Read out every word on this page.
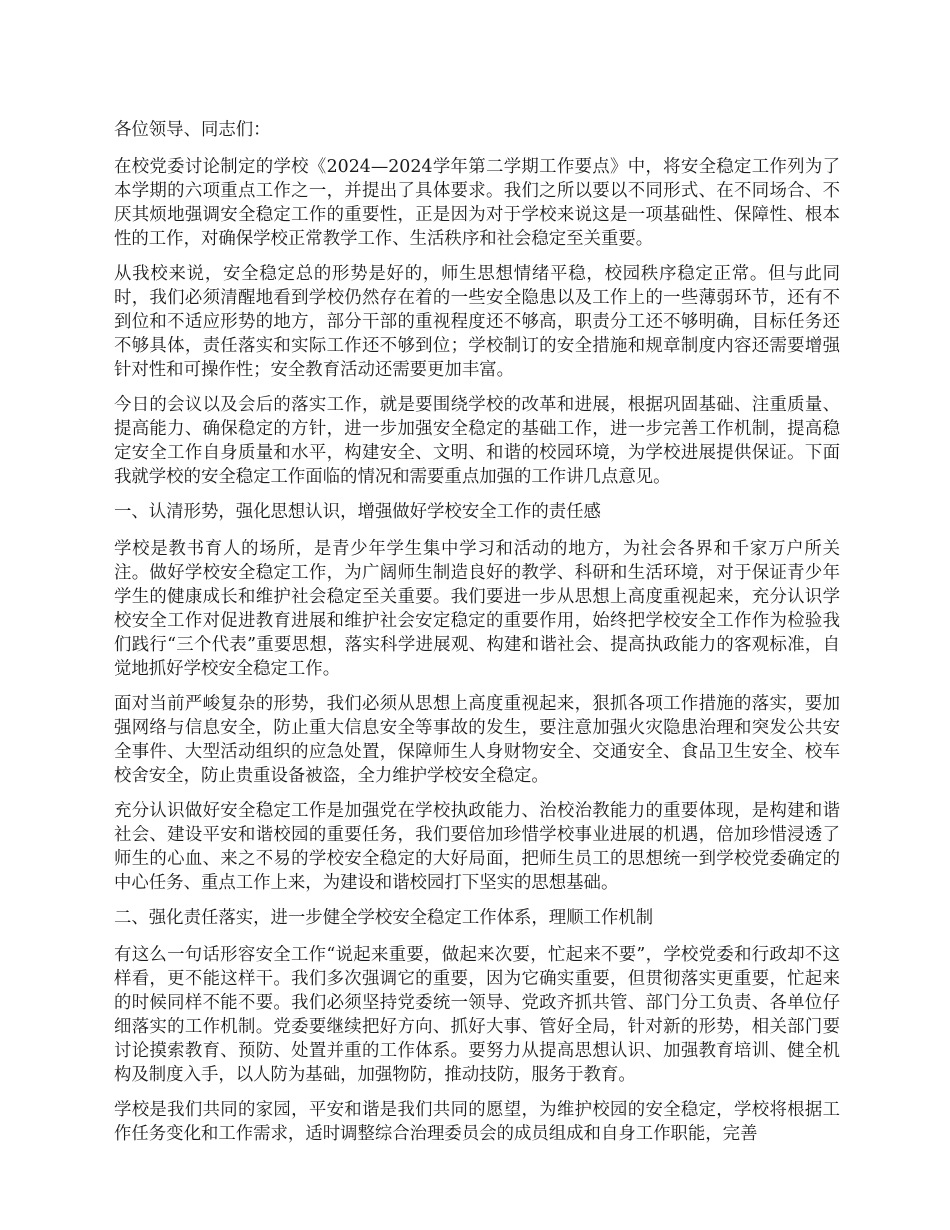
各位领导、同志们：

在校党委讨论制定的学校《2024—2024学年第二学期工作要点》中，将安全稳定工作列为了本学期的六项重点工作之一，并提出了具体要求。我们之所以要以不同形式、在不同场合、不厌其烦地强调安全稳定工作的重要性，正是因为对于学校来说这是一项基础性、保障性、根本性的工作，对确保学校正常教学工作、生活秩序和社会稳定至关重要。

从我校来说，安全稳定总的形势是好的，师生思想情绪平稳，校园秩序稳定正常。但与此同时，我们必须清醒地看到学校仍然存在着的一些安全隐患以及工作上的一些薄弱环节，还有不到位和不适应形势的地方，部分干部的重视程度还不够高，职责分工还不够明确，目标任务还不够具体，责任落实和实际工作还不够到位；学校制订的安全措施和规章制度内容还需要增强针对性和可操作性；安全教育活动还需要更加丰富。

今日的会议以及会后的落实工作，就是要围绕学校的改革和进展，根据巩固基础、注重质量、提高能力、确保稳定的方针，进一步加强安全稳定的基础工作，进一步完善工作机制，提高稳定安全工作自身质量和水平，构建安全、文明、和谐的校园环境，为学校进展提供保证。下面我就学校的安全稳定工作面临的情况和需要重点加强的工作讲几点意见。

一、认清形势，强化思想认识，增强做好学校安全工作的责任感

学校是教书育人的场所，是青少年学生集中学习和活动的地方，为社会各界和千家万户所关注。做好学校安全稳定工作，为广阔师生制造良好的教学、科研和生活环境，对于保证青少年学生的健康成长和维护社会稳定至关重要。我们要进一步从思想上高度重视起来，充分认识学校安全工作对促进教育进展和维护社会安定稳定的重要作用，始终把学校安全工作作为检验我们践行“三个代表”重要思想，落实科学进展观、构建和谐社会、提高执政能力的客观标准，自觉地抓好学校安全稳定工作。

面对当前严峻复杂的形势，我们必须从思想上高度重视起来，狠抓各项工作措施的落实，要加强网络与信息安全，防止重大信息安全等事故的发生，要注意加强火灾隐患治理和突发公共安全事件、大型活动组织的应急处置，保障师生人身财物安全、交通安全、食品卫生安全、校车校舍安全，防止贵重设备被盗，全力维护学校安全稳定。

充分认识做好安全稳定工作是加强党在学校执政能力、治校治教能力的重要体现，是构建和谐社会、建设平安和谐校园的重要任务，我们要倍加珍惜学校事业进展的机遇，倍加珍惜浸透了师生的心血、来之不易的学校安全稳定的大好局面，把师生员工的思想统一到学校党委确定的中心任务、重点工作上来，为建设和谐校园打下坚实的思想基础。

二、强化责任落实，进一步健全学校安全稳定工作体系，理顺工作机制

有这么一句话形容安全工作“说起来重要，做起来次要，忙起来不要”，学校党委和行政却不这样看，更不能这样干。我们多次强调它的重要，因为它确实重要，但贯彻落实更重要，忙起来的时候同样不能不要。我们必须坚持党委统一领导、党政齐抓共管、部门分工负责、各单位仔细落实的工作机制。党委要继续把好方向、抓好大事、管好全局，针对新的形势，相关部门要讨论摸索教育、预防、处置并重的工作体系。要努力从提高思想认识、加强教育培训、健全机构及制度入手，以人防为基础，加强物防，推动技防，服务于教育。

学校是我们共同的家园，平安和谐是我们共同的愿望，为维护校园的安全稳定，学校将根据工作任务变化和工作需求，适时调整综合治理委员会的成员组成和自身工作职能，完善
